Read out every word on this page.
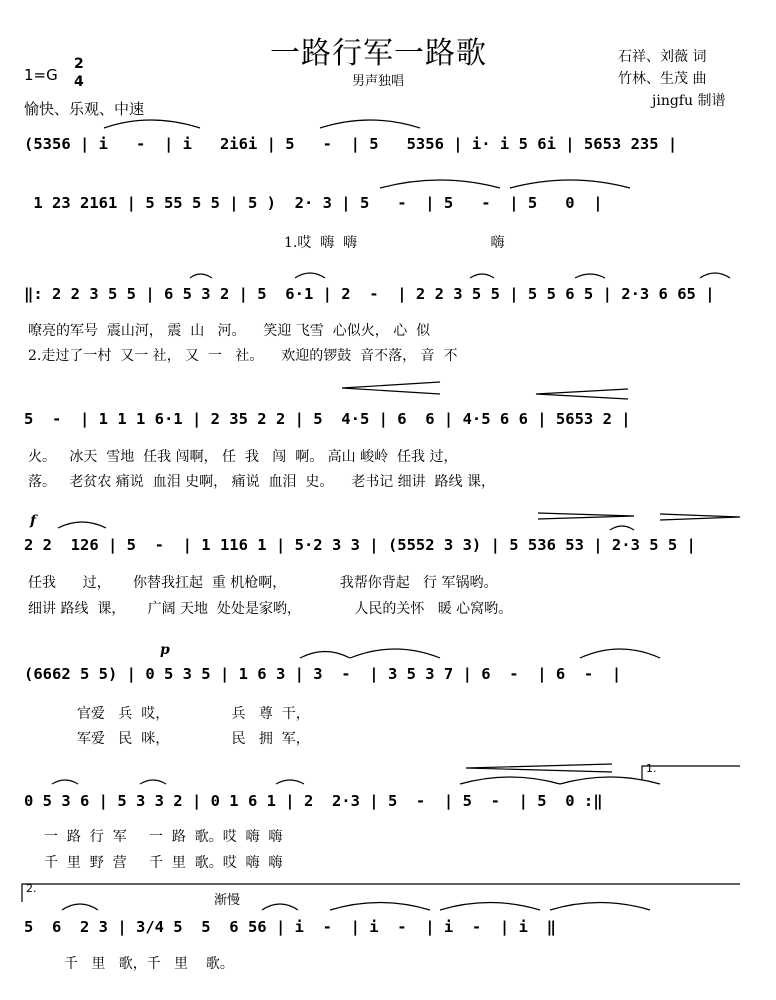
一路行军一路歌
男声独唱
石祥、刘薇 词
竹林、生茂 曲
jingfu 制谱
1=G
2
4
愉快、乐观、中速
(5356 | i   -  | i   2i6i | 5   -  | 5   5356 | i· i 5 6i | 5653 235 |
1 23 2161 | 5 55 5 5 | 5 )  2· 3 | 5   -  | 5   -  | 5   0  |
1.哎  嗨  嗨                              嗨
‖: 2 2 3 5 5 | 6 5 3 2 | 5  6·1 | 2  -  | 2 2 3 5 5 | 5 5 6 5 | 2·3 6 65 |
嘹亮的军号  震山河， 震  山   河。    笑迎 飞雪  心似火， 心  似
2.走过了一村  又一 社， 又  一   社。    欢迎的锣鼓  音不落， 音  不
5  -  | 1 1 1 6·1 | 2 35 2 2 | 5  4·5 | 6  6 | 4·5 6 6 | 5653 2 |
火。   冰天  雪地  任我 闯啊， 任  我   闯  啊。 高山 峻岭  任我 过，
落。   老贫农 痛说  血泪 史啊， 痛说  血泪  史。    老书记 细讲  路线 课，
f
2 2  126 | 5  -  | 1 116 1 | 5·2 3 3 | (5552 3 3) | 5 536 53 | 2·3 5 5 |
任我      过，     你替我扛起  重 机枪啊，            我帮你背起   行 军锅哟。
细讲 路线  课，     广阔 天地  处处是家哟，            人民的关怀   暖 心窝哟。
p
(6662 5 5) | 0 5 3 5 | 1 6 3 | 3  -  | 3 5 3 7 | 6  -  | 6  -  |
官爱   兵  哎，              兵   尊  干，
军爱   民  咪，              民   拥  军，
1.
0 5 3 6 | 5 3 3 2 | 0 1 6 1 | 2  2·3 | 5  -  | 5  -  | 5  0 :‖
一  路  行  军     一  路  歌。哎  嗨  嗨
千  里  野  营     千  里  歌。哎  嗨  嗨
2.
渐慢
5  6  2 3 | 3/4 5  5  6 56 | i  -  | i  -  | i  -  | i  ‖
千   里   歌，千   里    歌。
